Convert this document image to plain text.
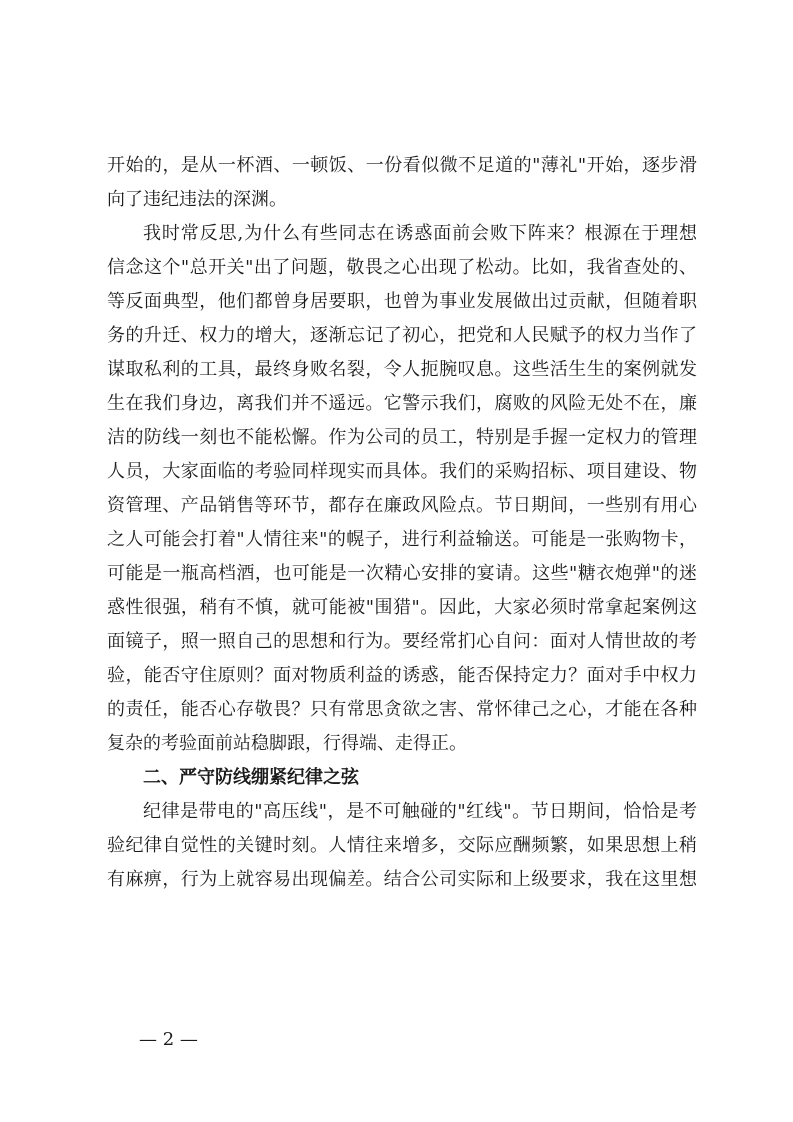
开始的，是从一杯酒、一顿饭、一份看似微不足道的"薄礼"开始，逐步滑
向了违纪违法的深渊。
我时常反思,为什么有些同志在诱惑面前会败下阵来？根源在于理想
信念这个"总开关"出了问题，敬畏之心出现了松动。比如，我省查处的、
等反面典型，他们都曾身居要职，也曾为事业发展做出过贡献，但随着职
务的升迁、权力的增大，逐渐忘记了初心，把党和人民赋予的权力当作了
谋取私利的工具，最终身败名裂，令人扼腕叹息。这些活生生的案例就发
生在我们身边，离我们并不遥远。它警示我们，腐败的风险无处不在，廉
洁的防线一刻也不能松懈。作为公司的员工，特别是手握一定权力的管理
人员，大家面临的考验同样现实而具体。我们的采购招标、项目建设、物
资管理、产品销售等环节，都存在廉政风险点。节日期间，一些别有用心
之人可能会打着"人情往来"的幌子，进行利益输送。可能是一张购物卡，
可能是一瓶高档酒，也可能是一次精心安排的宴请。这些"糖衣炮弹"的迷
惑性很强，稍有不慎，就可能被"围猎"。因此，大家必须时常拿起案例这
面镜子，照一照自己的思想和行为。要经常扪心自问：面对人情世故的考
验，能否守住原则？面对物质利益的诱惑，能否保持定力？面对手中权力
的责任，能否心存敬畏？只有常思贪欲之害、常怀律己之心，才能在各种
复杂的考验面前站稳脚跟，行得端、走得正。
二、严守防线绷紧纪律之弦
纪律是带电的"高压线"，是不可触碰的"红线"。节日期间，恰恰是考
验纪律自觉性的关键时刻。人情往来增多，交际应酬频繁，如果思想上稍
有麻痹，行为上就容易出现偏差。结合公司实际和上级要求，我在这里想
— 2 —
